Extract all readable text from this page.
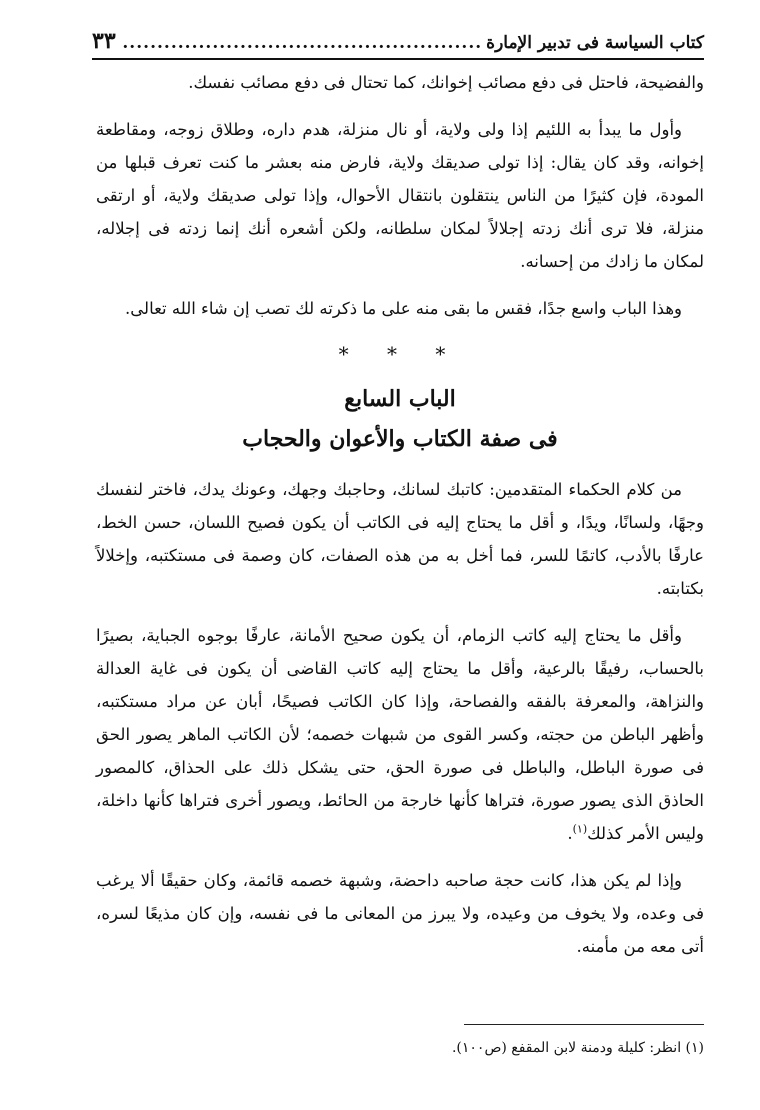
كتاب السياسة فى تدبير الإمارة
.....
٣٣

والفضيحة، فاحتل فى دفع مصائب إخوانك، كما تحتال فى دفع مصائب نفسك.

وأول ما يبدأ به اللئيم إذا ولى ولاية، أو نال منزلة، هدم داره، وطلاق زوجه، ومقاطعة إخوانه، وقد كان يقال: إذا تولى صديقك ولاية، فارض منه بعشر ما كنت تعرف قبلها من المودة، فإن كثيرًا من الناس ينتقلون بانتقال الأحوال، وإذا تولى صديقك ولاية، أو ارتقى منزلة، فلا ترى أنك زدته إجلالاً لمكان سلطانه، ولكن أشعره أنك إنما زدته فى إجلاله، لمكان ما زادك من إحسانه.

وهذا الباب واسع جدًا، فقس ما بقى منه على ما ذكرته لك تصب إن شاء الله تعالى.

* * *
الباب السابع
فى صفة الكتاب والأعوان والحجاب

من كلام الحكماء المتقدمين: كاتبك لسانك، وحاجبك وجهك، وعونك يدك، فاختر لنفسك وجهًا، ولسانًا، ويدًا، و أقل ما يحتاج إليه فى الكاتب أن يكون فصيح اللسان، حسن الخط، عارفًا بالأدب، كاتمًا للسر، فما أخل به من هذه الصفات، كان وصمة فى مستكتبه، وإخلالاً بكتابته.

وأقل ما يحتاج إليه كاتب الزمام، أن يكون صحيح الأمانة، عارفًا بوجوه الجباية، بصيرًا بالحساب، رفيقًا بالرعية، وأقل ما يحتاج إليه كاتب القاضى أن يكون فى غاية العدالة والنزاهة، والمعرفة بالفقه والفصاحة، وإذا كان الكاتب فصيحًا، أبان عن مراد مستكتبه، وأظهر الباطن من حجته، وكسر القوى من شبهات خصمه؛ لأن الكاتب الماهر يصور الحق فى صورة الباطل، والباطل فى صورة الحق، حتى يشكل ذلك على الحذاق، كالمصور الحاذق الذى يصور صورة، فتراها كأنها خارجة من الحائط، ويصور أخرى فتراها كأنها داخلة، وليس الأمر كذلك$^{(١)}$.

وإذا لم يكن هذا، كانت حجة صاحبه داحضة، وشبهة خصمه قائمة، وكان حقيقًا ألا يرغب فى وعده، ولا يخوف من وعيده، ولا يبرز من المعانى ما فى نفسه، وإن كان مذيعًا لسره، أتى معه من مأمنه.

(١) انظر: كليلة ودمنة لابن المقفع (ص١٠٠).
